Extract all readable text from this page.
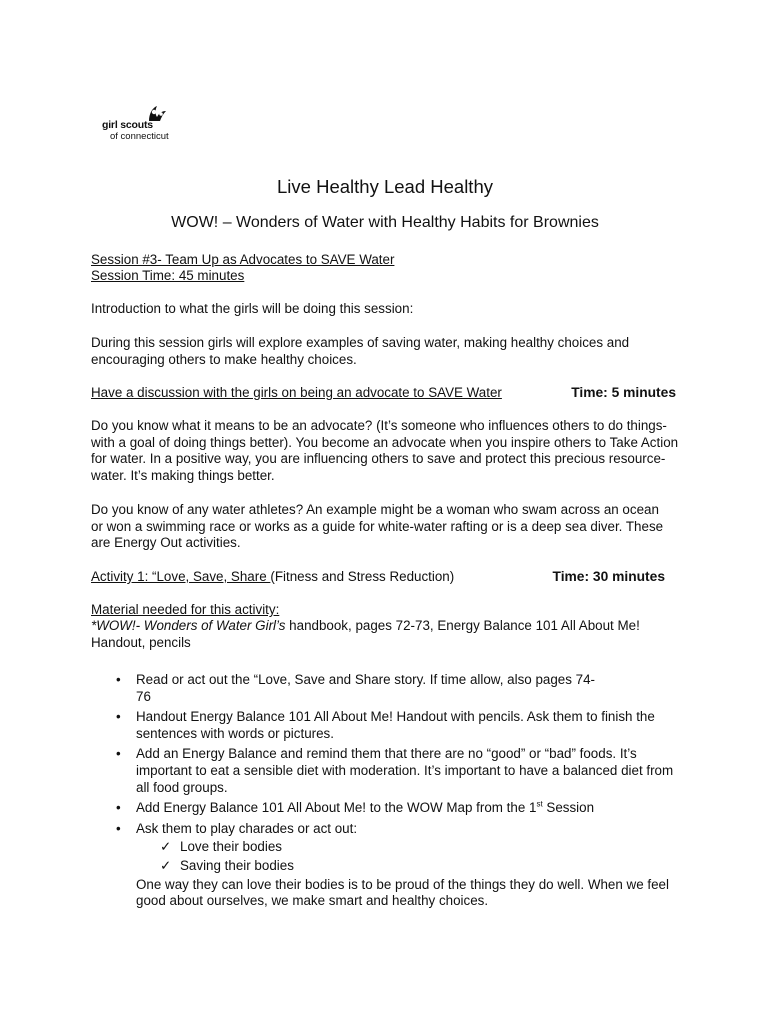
girl scouts
of connecticut
Live Healthy Lead Healthy
WOW! – Wonders of Water with Healthy Habits for Brownies
Session #3- Team Up as Advocates to SAVE Water
Session Time: 45 minutes
Introduction to what the girls will be doing this session:
During this session girls will explore examples of saving water, making healthy choices and encouraging others to make healthy choices.
Have a discussion with the girls on being an advocate to SAVE Water	Time: 5 minutes
Do you know what it means to be an advocate? (It’s someone who influences others to do things- with a goal of doing things better). You become an advocate when you inspire others to Take Action for water. In a positive way, you are influencing others to save and protect this precious resource- water. It’s making things better.
Do you know of any water athletes? An example might be a woman who swam across an ocean or won a swimming race or works as a guide for white-water rafting or is a deep sea diver. These are Energy Out activities.
Activity 1: “Love, Save, Share (Fitness and Stress Reduction)	Time: 30 minutes
Material needed for this activity:
*WOW!- Wonders of Water Girl’s handbook, pages 72-73, Energy Balance 101 All About Me! Handout, pencils
• Read or act out the “Love, Save and Share story. If time allow, also pages 74-76
• Handout Energy Balance 101 All About Me! Handout with pencils. Ask them to finish the sentences with words or pictures.
• Add an Energy Balance and remind them that there are no “good” or “bad” foods. It’s important to eat a sensible diet with moderation. It’s important to have a balanced diet from all food groups.
• Add Energy Balance 101 All About Me! to the WOW Map from the 1st Session
• Ask them to play charades or act out:
✓ Love their bodies
✓ Saving their bodies
One way they can love their bodies is to be proud of the things they do well. When we feel good about ourselves, we make smart and healthy choices.
